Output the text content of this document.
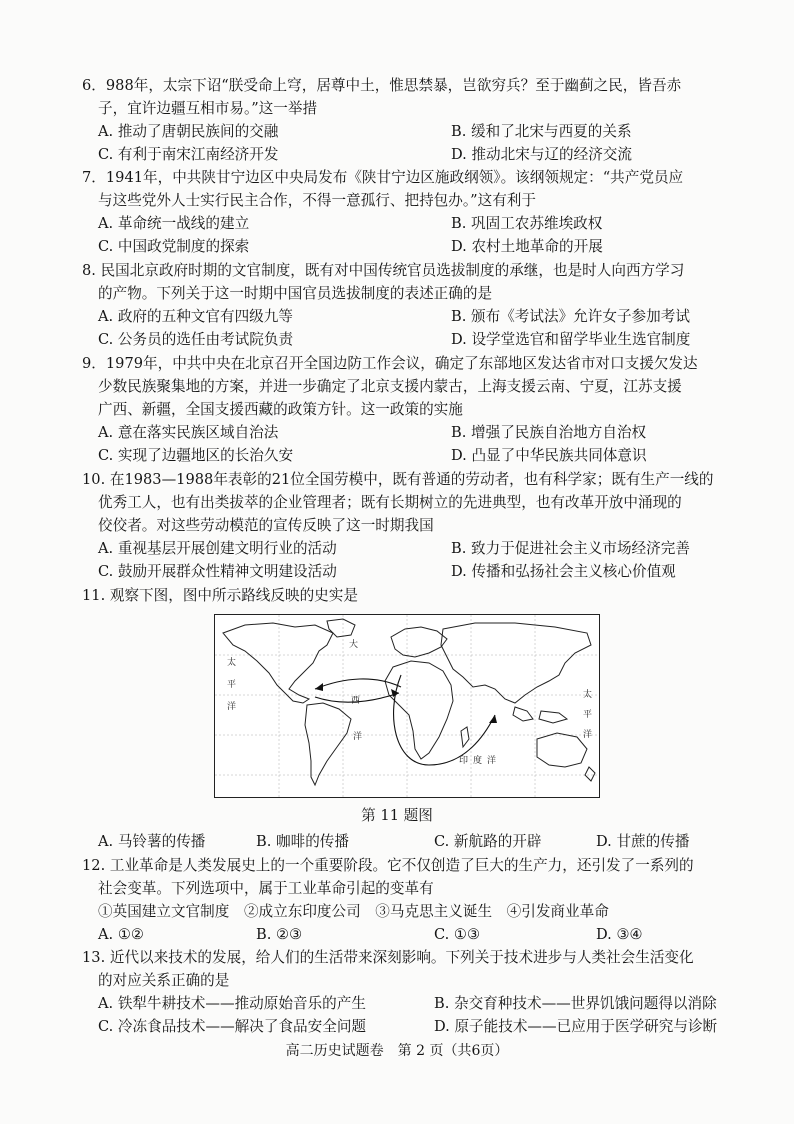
6．988年，太宗下诏“朕受命上穹，居尊中土，惟思禁暴，岂欲穷兵？至于幽蓟之民，皆吾赤
子，宜许边疆互相市易。”这一举措
A. 推动了唐朝民族间的交融	B. 缓和了北宋与西夏的关系
C. 有利于南宋江南经济开发	D. 推动北宋与辽的经济交流
7．1941年，中共陕甘宁边区中央局发布《陕甘宁边区施政纲领》。该纲领规定：“共产党员应
与这些党外人士实行民主合作，不得一意孤行、把持包办。”这有利于
A. 革命统一战线的建立	B. 巩固工农苏维埃政权
C. 中国政党制度的探索	D. 农村土地革命的开展
8. 民国北京政府时期的文官制度，既有对中国传统官员选拔制度的承继，也是时人向西方学习
的产物。下列关于这一时期中国官员选拔制度的表述正确的是
A. 政府的五种文官有四级九等	B. 颁布《考试法》允许女子参加考试
C. 公务员的选任由考试院负责	D. 设学堂选官和留学毕业生选官制度
9．1979年，中共中央在北京召开全国边防工作会议，确定了东部地区发达省市对口支援欠发达
少数民族聚集地的方案，并进一步确定了北京支援内蒙古，上海支援云南、宁夏，江苏支援
广西、新疆，全国支援西藏的政策方针。这一政策的实施
A. 意在落实民族区域自治法	B. 增强了民族自治地方自治权
C. 实现了边疆地区的长治久安	D. 凸显了中华民族共同体意识
10. 在1983—1988年表彰的21位全国劳模中，既有普通的劳动者，也有科学家；既有生产一线的
优秀工人，也有出类拔萃的企业管理者；既有长期树立的先进典型，也有改革开放中涌现的
佼佼者。对这些劳动模范的宣传反映了这一时期我国
A. 重视基层开展创建文明行业的活动	B. 致力于促进社会主义市场经济完善
C. 鼓励开展群众性精神文明建设活动	D. 传播和弘扬社会主义核心价值观
11. 观察下图，图中所示路线反映的史实是
太
平
洋
大
西
洋
印 度 洋
太
平
洋
第 11 题图
A. 马铃薯的传播	B. 咖啡的传播	C. 新航路的开辟	D. 甘蔗的传播
12. 工业革命是人类发展史上的一个重要阶段。它不仅创造了巨大的生产力，还引发了一系列的
社会变革。下列选项中，属于工业革命引起的变革有
①英国建立文官制度　②成立东印度公司　③马克思主义诞生　④引发商业革命
A. ①②	B. ②③	C. ①③	D. ③④
13. 近代以来技术的发展，给人们的生活带来深刻影响。下列关于技术进步与人类社会生活变化
的对应关系正确的是
A. 铁犁牛耕技术——推动原始音乐的产生	B. 杂交育种技术——世界饥饿问题得以消除
C. 冷冻食品技术——解决了食品安全问题	D. 原子能技术——已应用于医学研究与诊断
高二历史试题卷　第 2 页（共6页）
